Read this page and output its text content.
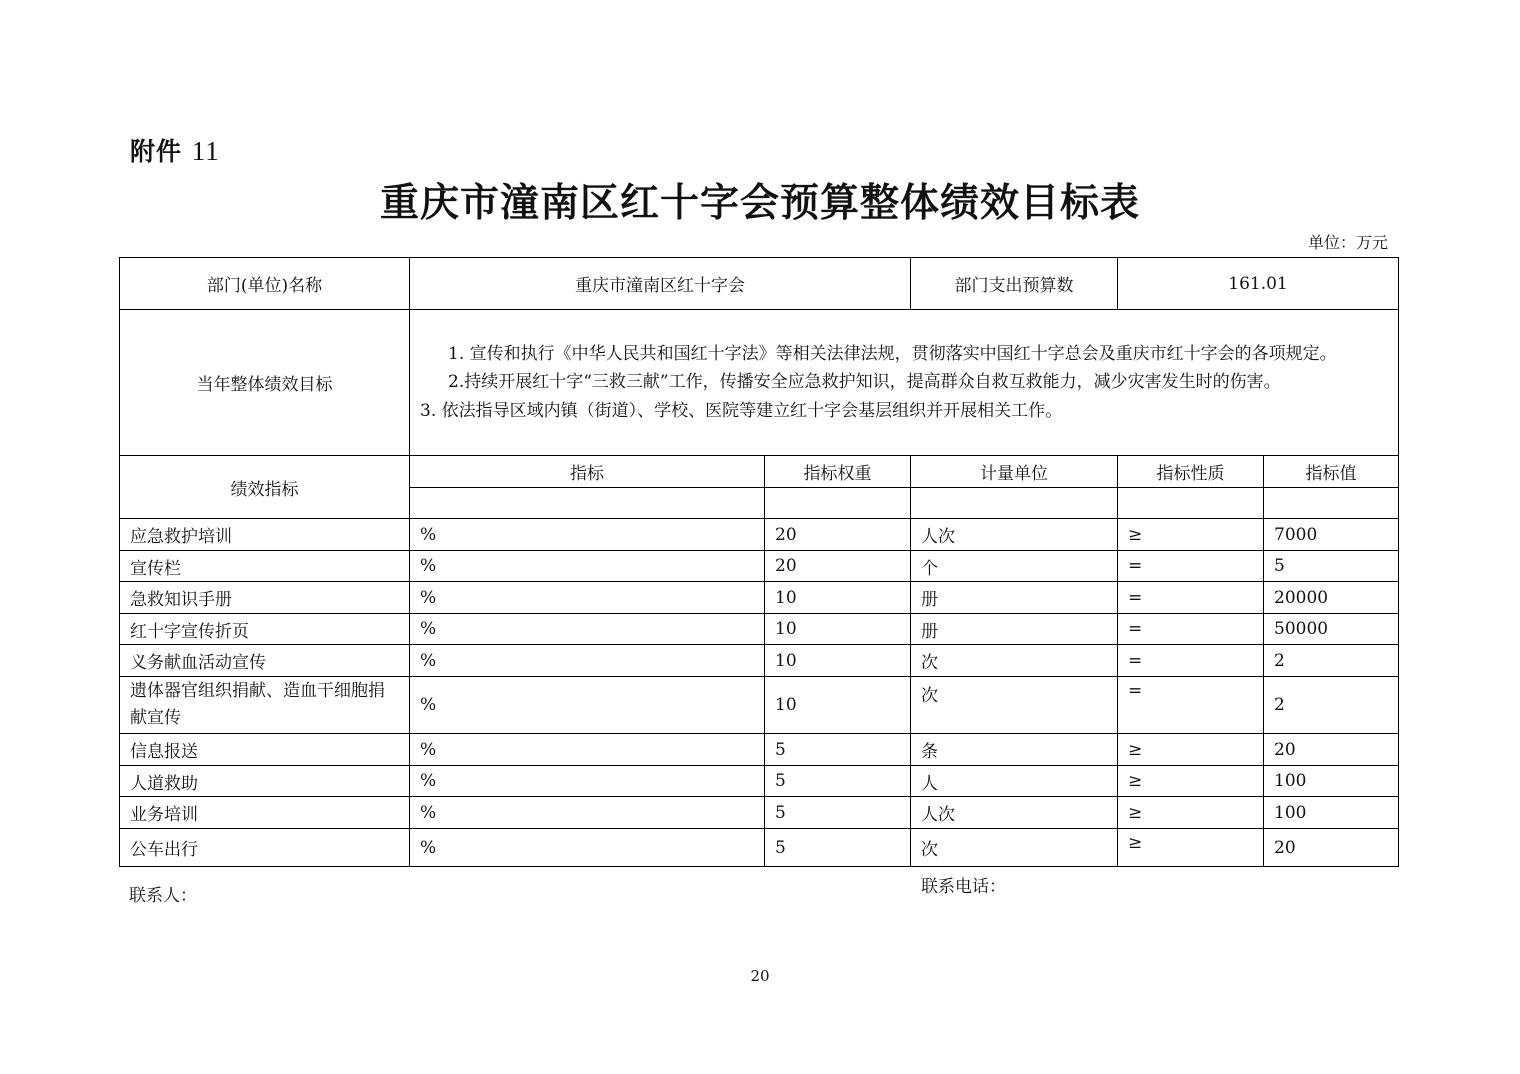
附件 11
重庆市潼南区红十字会预算整体绩效目标表
单位：万元
部门(单位)名称	重庆市潼南区红十字会		部门支出预算数	161.01	
当年整体绩效目标	1. 宣传和执行《中华人民共和国红十字法》等相关法律法规，贯彻落实中国红十字总会及重庆市红十字会的各项规定。

2.持续开展红十字“三救三献”工作，传播安全应急救护知识，提高群众自救互救能力，减少灾害发生时的伤害。

3. 依法指导区域内镇（街道）、学校、医院等建立红十字会基层组织并开展相关工作。				

绩效指标	指标	指标权重	计量单位	指标性质	指标值

应急救护培训	%	20	人次	≥	7000
宣传栏	%	20	个	=	5
急救知识手册	%	10	册	=	20000
红十字宣传折页	%	10	册	=	50000
义务献血活动宣传	%	10	次	=	2
遗体器官组织捐献、造血干细胞捐献宣传	%	10	次	=	2
信息报送	%	5	条	≥	20
人道救助	%	5	人	≥	100
业务培训	%	5	人次	≥	100
公车出行	%	5	次	≥	20
联系人：	联系电话：
20
